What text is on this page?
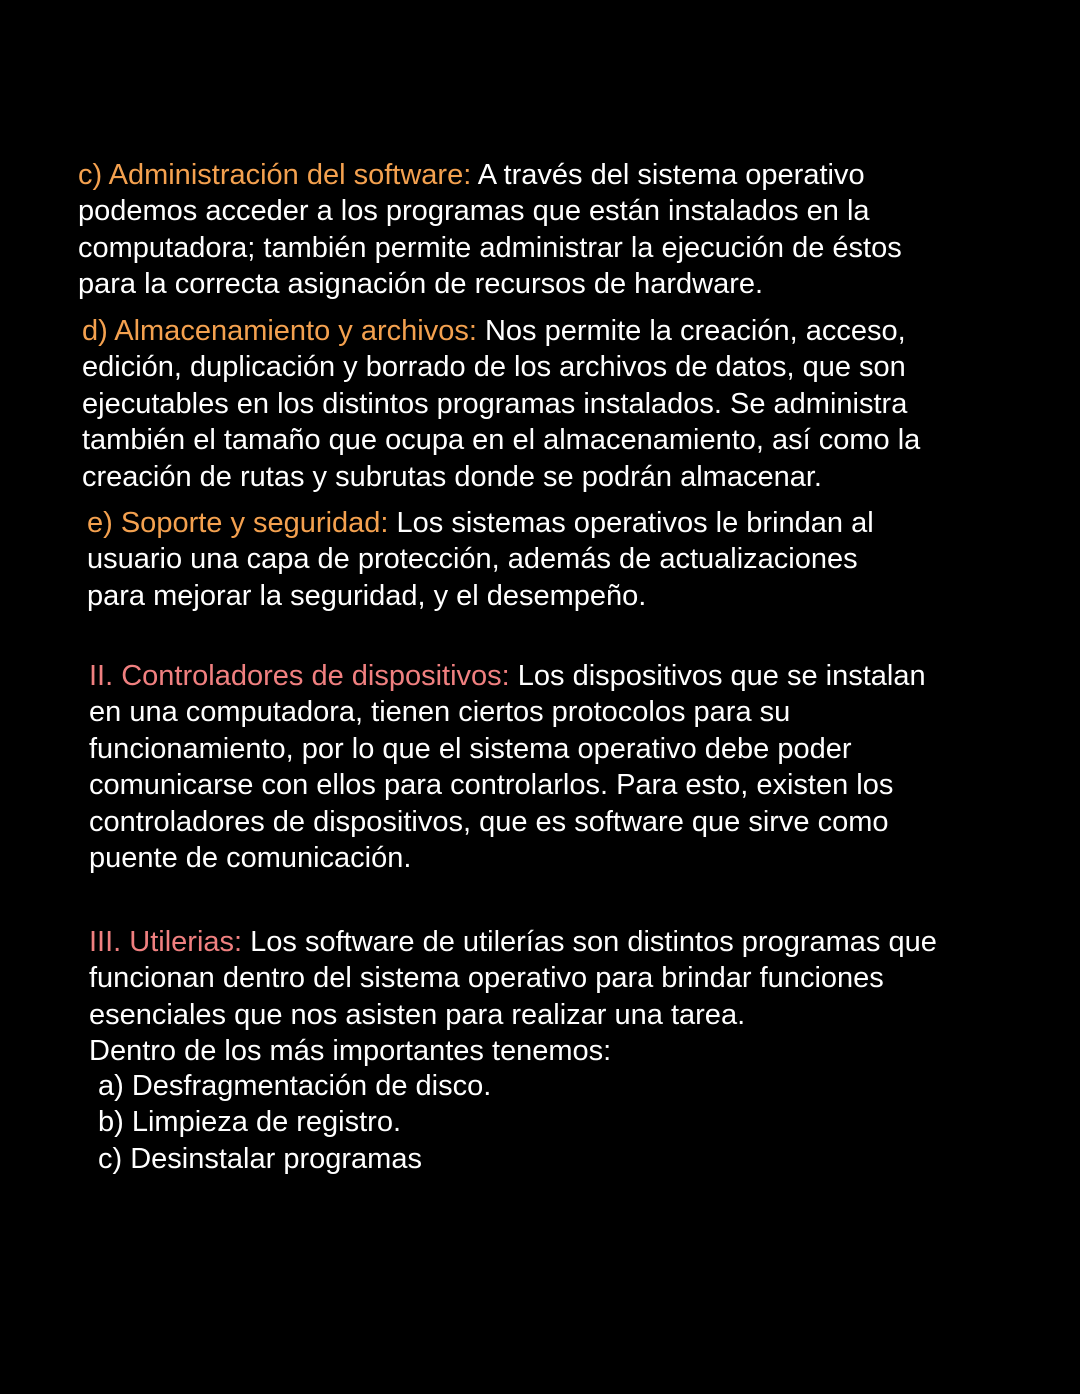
c) Administración del software: A través del sistema operativo
podemos acceder a los programas que están instalados en la
computadora; también permite administrar la ejecución de éstos
para la correcta asignación de recursos de hardware.

d) Almacenamiento y archivos: Nos permite la creación, acceso,
edición, duplicación y borrado de los archivos de datos, que son
ejecutables en los distintos programas instalados. Se administra
también el tamaño que ocupa en el almacenamiento, así como la
creación de rutas y subrutas donde se podrán almacenar.

e) Soporte y seguridad: Los sistemas operativos le brindan al
usuario una capa de protección, además de actualizaciones
para mejorar la seguridad, y el desempeño.

II. Controladores de dispositivos: Los dispositivos que se instalan
en una computadora, tienen ciertos protocolos para su
funcionamiento, por lo que el sistema operativo debe poder
comunicarse con ellos para controlarlos. Para esto, existen los
controladores de dispositivos, que es software que sirve como
puente de comunicación.

III. Utilerias: Los software de utilerías son distintos programas que
funcionan dentro del sistema operativo para brindar funciones
esenciales que nos asisten para realizar una tarea.
Dentro de los más importantes tenemos:

a) Desfragmentación de disco.
b) Limpieza de registro.
c) Desinstalar programas
